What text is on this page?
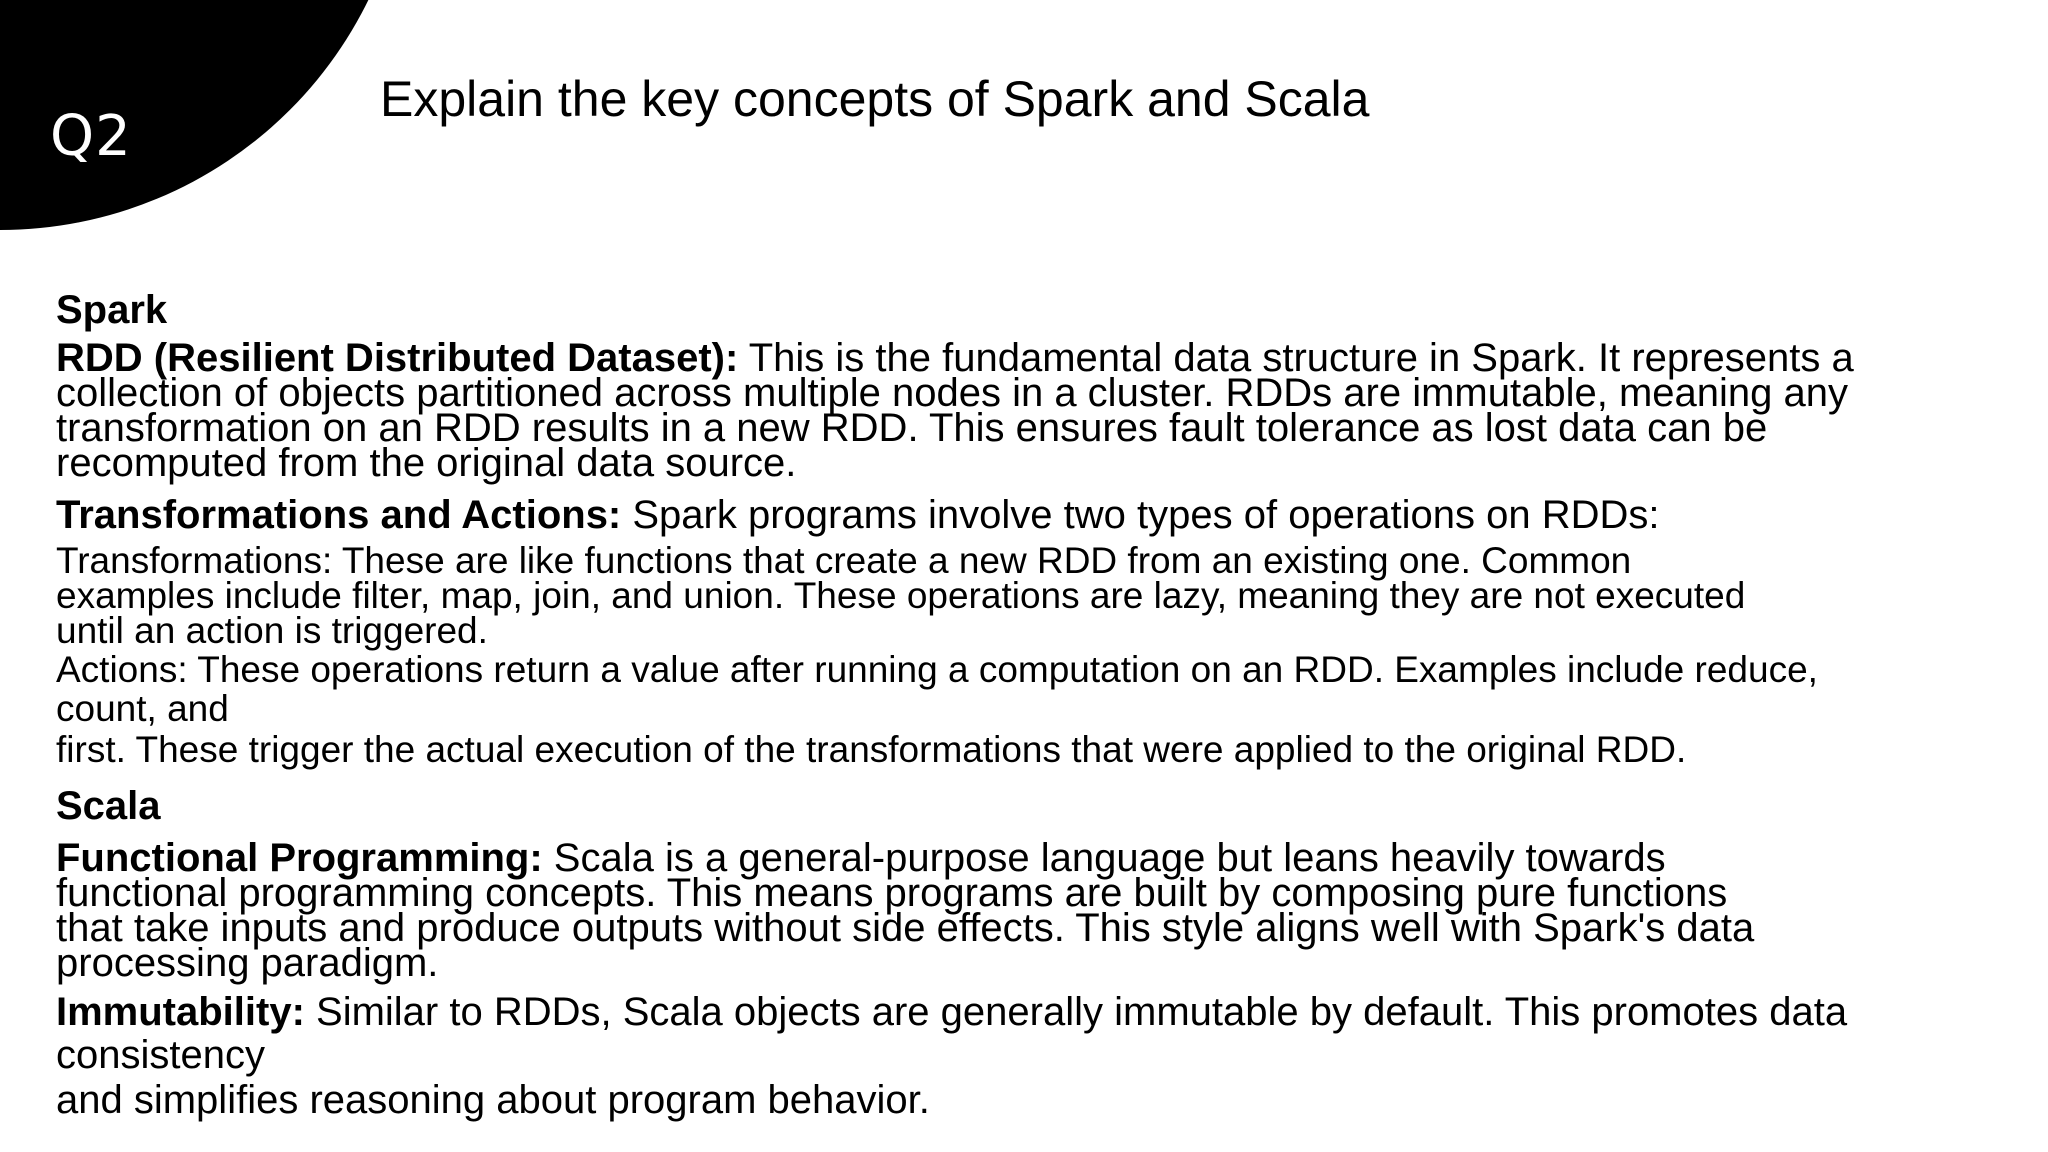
Q2
Explain the key concepts of Spark and Scala
Spark
RDD (Resilient Distributed Dataset): This is the fundamental data structure in Spark. It represents a
collection of objects partitioned across multiple nodes in a cluster. RDDs are immutable, meaning any
transformation on an RDD results in a new RDD. This ensures fault tolerance as lost data can be
recomputed from the original data source.
Transformations and Actions: Spark programs involve two types of operations on RDDs:
Transformations: These are like functions that create a new RDD from an existing one. Common
examples include filter, map, join, and union. These operations are lazy, meaning they are not executed
until an action is triggered.
Actions: These operations return a value after running a computation on an RDD. Examples include reduce,
count, and
first. These trigger the actual execution of the transformations that were applied to the original RDD.
Scala
Functional Programming: Scala is a general-purpose language but leans heavily towards
functional programming concepts. This means programs are built by composing pure functions
that take inputs and produce outputs without side effects. This style aligns well with Spark's data
processing paradigm.
Immutability: Similar to RDDs, Scala objects are generally immutable by default. This promotes data
consistency
and simplifies reasoning about program behavior.
